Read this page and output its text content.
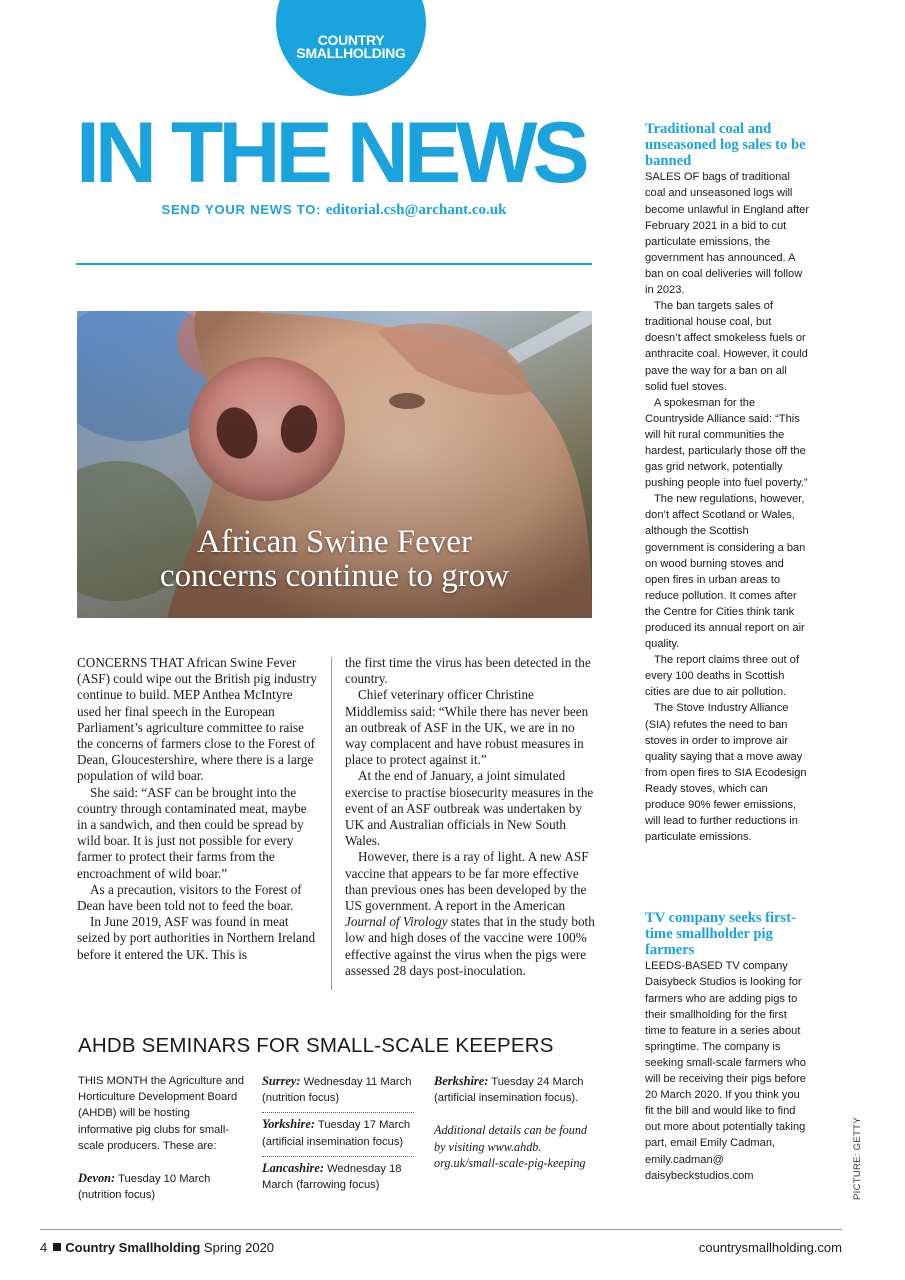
COUNTRY
SMALLHOLDING
IN THE NEWS
SEND YOUR NEWS TO: editorial.csh@archant.co.uk
African Swine Fever
concerns continue to grow

CONCERNS THAT African Swine Fever (ASF) could wipe out the British pig industry continue to build. MEP Anthea McIntyre used her final speech in the European Parliament’s agriculture committee to raise the concerns of farmers close to the Forest of Dean, Gloucestershire, where there is a large population of wild boar.

She said: “ASF can be brought into the country through contaminated meat, maybe in a sandwich, and then could be spread by wild boar. It is just not possible for every farmer to protect their farms from the encroachment of wild boar.”

As a precaution, visitors to the Forest of Dean have been told not to feed the boar.

In June 2019, ASF was found in meat seized by port authorities in Northern Ireland before it entered the UK. This is

the first time the virus has been detected in the country.

Chief veterinary officer Christine Middlemiss said: “While there has never been an outbreak of ASF in the UK, we are in no way complacent and have robust measures in place to protect against it.”

At the end of January, a joint simulated exercise to practise biosecurity measures in the event of an ASF outbreak was undertaken by UK and Australian officials in New South Wales.

However, there is a ray of light. A new ASF vaccine that appears to be far more effective than previous ones has been developed by the US government. A report in the American Journal of Virology states that in the study both low and high doses of the vaccine were 100% effective against the virus when the pigs were assessed 28 days post-inoculation.

AHDB SEMINARS FOR SMALL-SCALE KEEPERS
THIS MONTH the Agriculture and Horticulture Development Board (AHDB) will be hosting informative pig clubs for small-scale producers. These are:
Devon: Tuesday 10 March (nutrition focus)
Surrey: Wednesday 11 March (nutrition focus)
Yorkshire: Tuesday 17 March (artificial insemination focus)
Lancashire: Wednesday 18 March (farrowing focus)
Berkshire: Tuesday 24 March (artificial insemination focus).
Additional details can be found by visiting www.ahdb. org.uk/small-scale-pig-keeping
Traditional coal and unseasoned log sales to be banned

SALES OF bags of traditional coal and unseasoned logs will become unlawful in England after February 2021 in a bid to cut particulate emissions, the government has announced. A ban on coal deliveries will follow in 2023.

The ban targets sales of traditional house coal, but doesn’t affect smokeless fuels or anthracite coal. However, it could pave the way for a ban on all solid fuel stoves.

A spokesman for the Countryside Alliance said: “This will hit rural communities the hardest, particularly those off the gas grid network, potentially pushing people into fuel poverty.”

The new regulations, however, don’t affect Scotland or Wales, although the Scottish government is considering a ban on wood burning stoves and open fires in urban areas to reduce pollution. It comes after the Centre for Cities think tank produced its annual report on air quality.

The report claims three out of every 100 deaths in Scottish cities are due to air pollution.

The Stove Industry Alliance (SIA) refutes the need to ban stoves in order to improve air quality saying that a move away from open fires to SIA Ecodesign Ready stoves, which can produce 90% fewer emissions, will lead to further reductions in particulate emissions.

TV company seeks first-time smallholder pig farmers

LEEDS-BASED TV company Daisybeck Studios is looking for farmers who are adding pigs to their smallholding for the first time to feature in a series about springtime. The company is seeking small-scale farmers who will be receiving their pigs before 20 March 2020. If you think you fit the bill and would like to find out more about potentially taking part, email Emily Cadman, emily.cadman@ daisybeckstudios.com	PICTURE: GETTY
4 Country Smallholding Spring 2020	countrysmallholding.com
